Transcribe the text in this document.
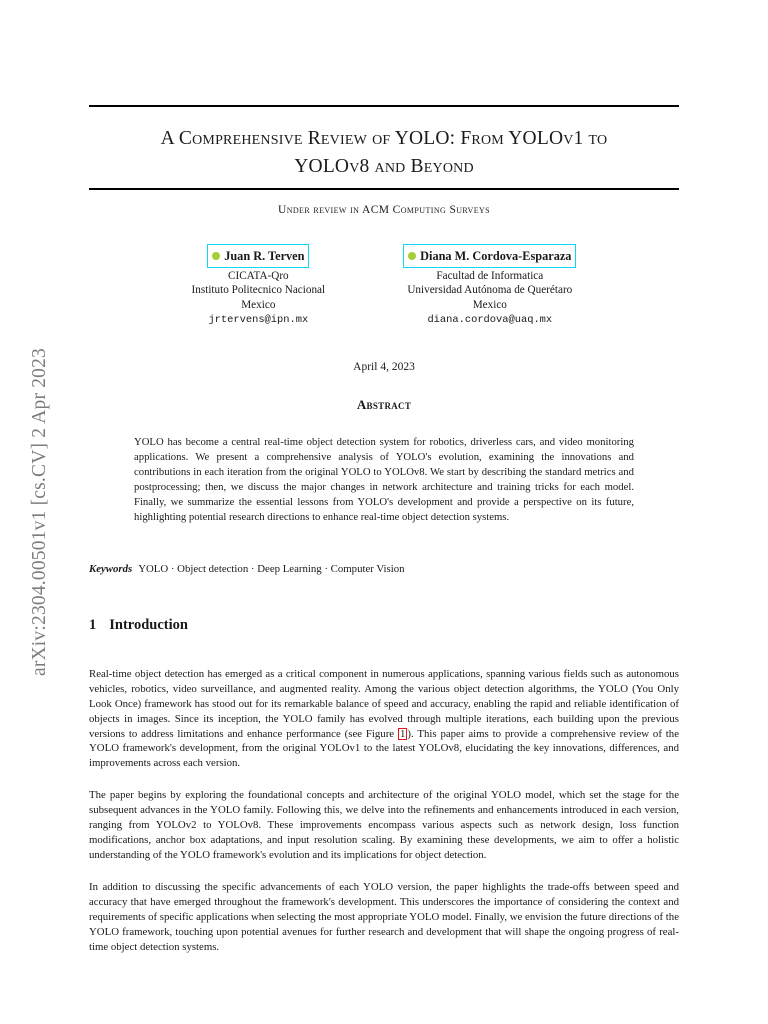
arXiv:2304.00501v1 [cs.CV] 2 Apr 2023
A Comprehensive Review of YOLO: From YOLOv1 to
YOLOv8 and Beyond
Under review in ACM Computing Surveys
Juan R. Terven
CICATA-Qro
Instituto Politecnico Nacional
Mexico
jrtervens@ipn.mx
Diana M. Cordova-Esparaza
Facultad de Informatica
Universidad Autónoma de Querétaro
Mexico
diana.cordova@uaq.mx
April 4, 2023
Abstract
YOLO has become a central real-time object detection system for robotics, driverless cars, and video monitoring applications. We present a comprehensive analysis of YOLO's evolution, examining the innovations and contributions in each iteration from the original YOLO to YOLOv8. We start by describing the standard metrics and postprocessing; then, we discuss the major changes in network architecture and training tricks for each model. Finally, we summarize the essential lessons from YOLO's development and provide a perspective on its future, highlighting potential research directions to enhance real-time object detection systems.
Keywords YOLO · Object detection · Deep Learning · Computer Vision
1 Introduction

Real-time object detection has emerged as a critical component in numerous applications, spanning various fields such as autonomous vehicles, robotics, video surveillance, and augmented reality. Among the various object detection algorithms, the YOLO (You Only Look Once) framework has stood out for its remarkable balance of speed and accuracy, enabling the rapid and reliable identification of objects in images. Since its inception, the YOLO family has evolved through multiple iterations, each building upon the previous versions to address limitations and enhance performance (see Figure 1 ). This paper aims to provide a comprehensive review of the YOLO framework's development, from the original YOLOv1 to the latest YOLOv8, elucidating the key innovations, differences, and improvements across each version.

The paper begins by exploring the foundational concepts and architecture of the original YOLO model, which set the stage for the subsequent advances in the YOLO family. Following this, we delve into the refinements and enhancements introduced in each version, ranging from YOLOv2 to YOLOv8. These improvements encompass various aspects such as network design, loss function modifications, anchor box adaptations, and input resolution scaling. By examining these developments, we aim to offer a holistic understanding of the YOLO framework's evolution and its implications for object detection.

In addition to discussing the specific advancements of each YOLO version, the paper highlights the trade-offs between speed and accuracy that have emerged throughout the framework's development. This underscores the importance of considering the context and requirements of specific applications when selecting the most appropriate YOLO model. Finally, we envision the future directions of the YOLO framework, touching upon potential avenues for further research and development that will shape the ongoing progress of real-time object detection systems.
